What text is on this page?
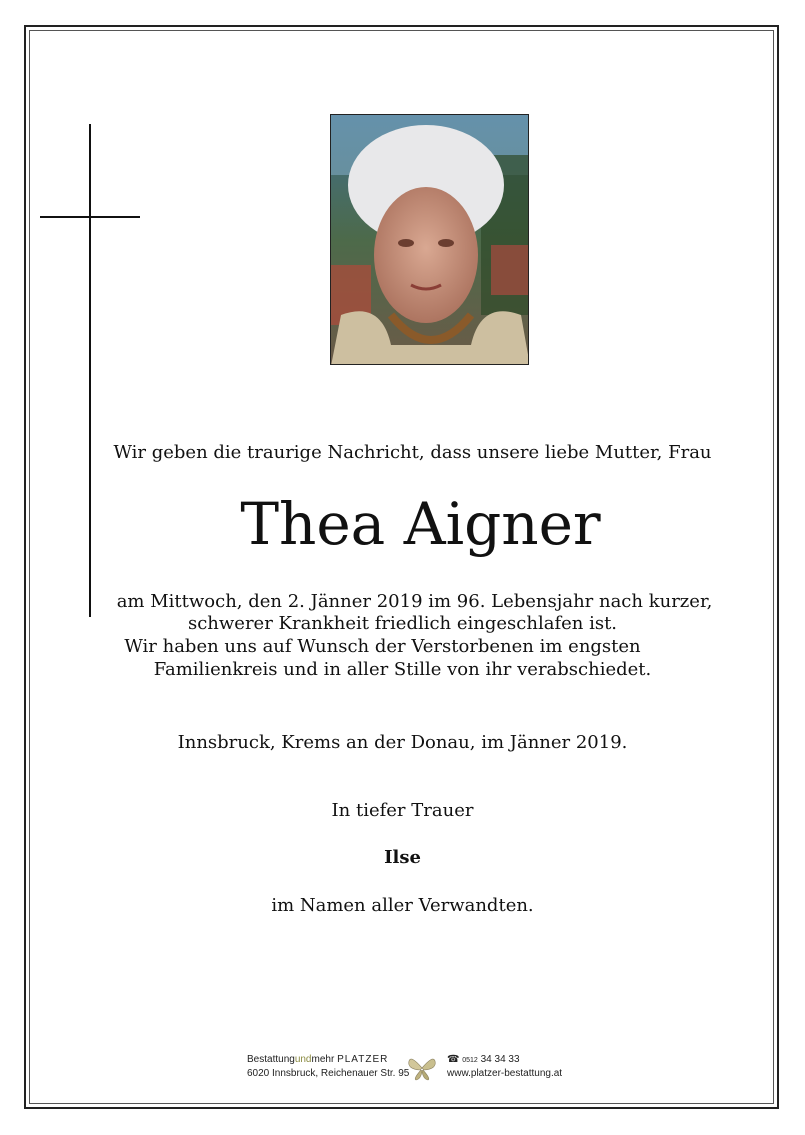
Wir geben die traurige Nachricht, dass unsere liebe Mutter, Frau
Thea Aigner
am Mittwoch, den 2. Jänner 2019 im 96. Lebensjahr nach kurzer,
schwerer Krankheit friedlich eingeschlafen ist.
Wir haben uns auf Wunsch der Verstorbenen im engsten
Familienkreis und in aller Stille von ihr verabschiedet.
Innsbruck, Krems an der Donau, im Jänner 2019.
In tiefer Trauer
Ilse
im Namen aller Verwandten.
Bestattungundmehr PLATZER
6020 Innsbruck, Reichenauer Str. 95
☎ 0512 34 34 33
www.platzer-bestattung.at
